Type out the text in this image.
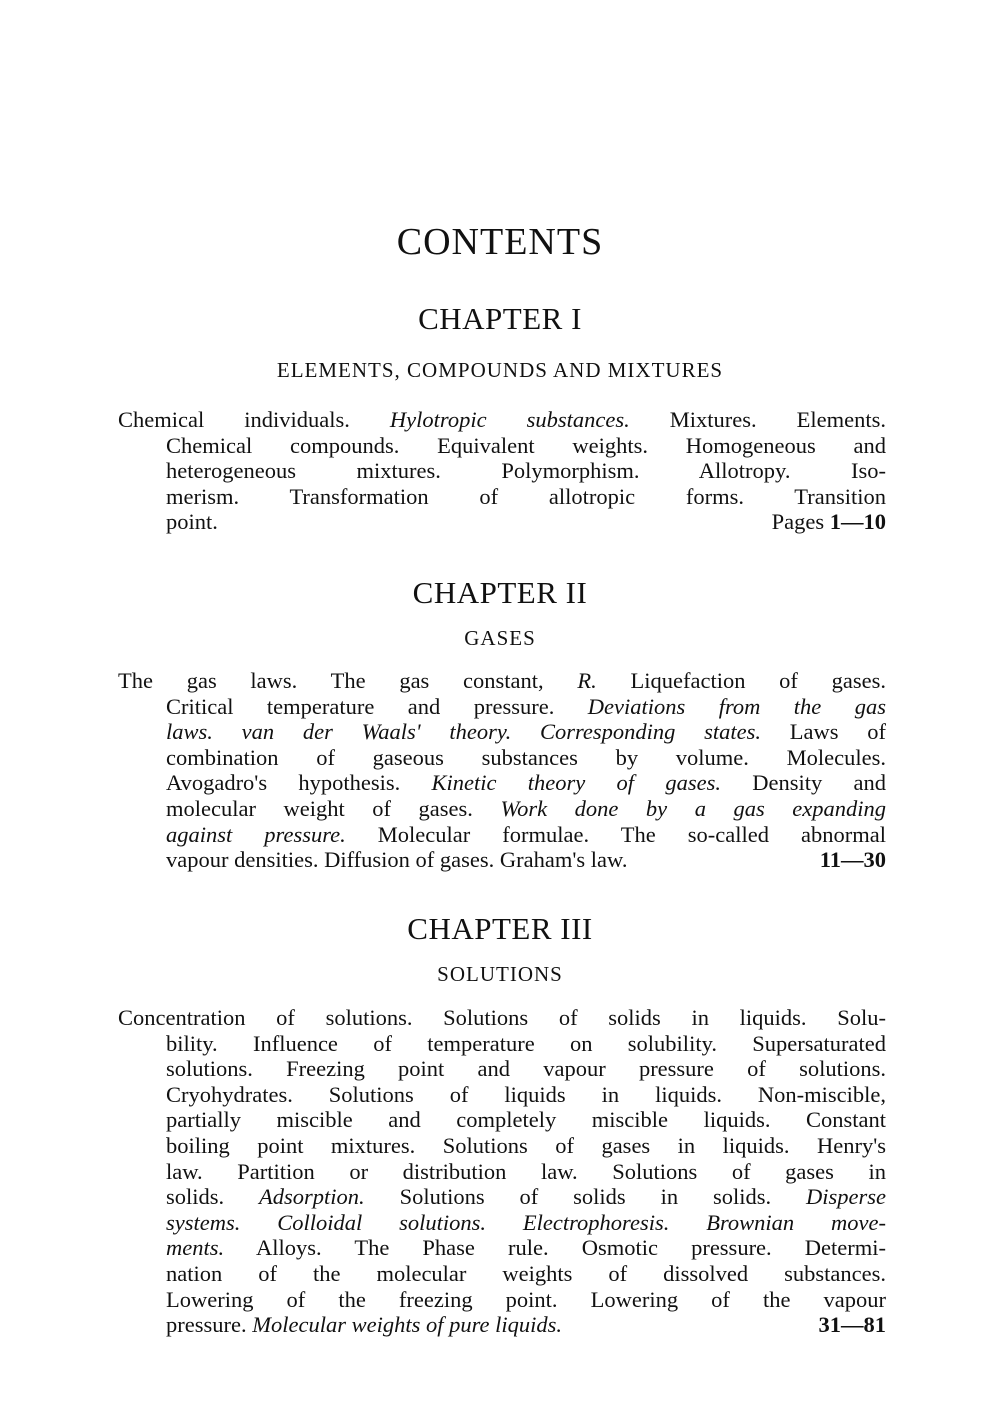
CONTENTS
CHAPTER I
ELEMENTS, COMPOUNDS AND MIXTURES
Chemical individuals. Hylotropic substances. Mixtures. Elements.
Chemical compounds. Equivalent weights. Homogeneous and
heterogeneous mixtures. Polymorphism. Allotropy. Iso-
merism. Transformation of allotropic forms. Transition
Pages 1—10
point.
CHAPTER II
GASES
The gas laws. The gas constant, R. Liquefaction of gases.
Critical temperature and pressure. Deviations from the gas
laws. van der Waals' theory. Corresponding states. Laws of
combination of gaseous substances by volume. Molecules.
Avogadro's hypothesis. Kinetic theory of gases. Density and
molecular weight of gases. Work done by a gas expanding
against pressure. Molecular formulae. The so-called abnormal
11—30
vapour densities. Diffusion of gases. Graham's law.
CHAPTER III
SOLUTIONS
Concentration of solutions. Solutions of solids in liquids. Solu-
bility. Influence of temperature on solubility. Supersaturated
solutions. Freezing point and vapour pressure of solutions.
Cryohydrates. Solutions of liquids in liquids. Non-miscible,
partially miscible and completely miscible liquids. Constant
boiling point mixtures. Solutions of gases in liquids. Henry's
law. Partition or distribution law. Solutions of gases in
solids. Adsorption. Solutions of solids in solids. Disperse
systems. Colloidal solutions. Electrophoresis. Brownian move-
ments. Alloys. The Phase rule. Osmotic pressure. Determi-
nation of the molecular weights of dissolved substances.
Lowering of the freezing point. Lowering of the vapour
31—81
pressure. Molecular weights of pure liquids.
